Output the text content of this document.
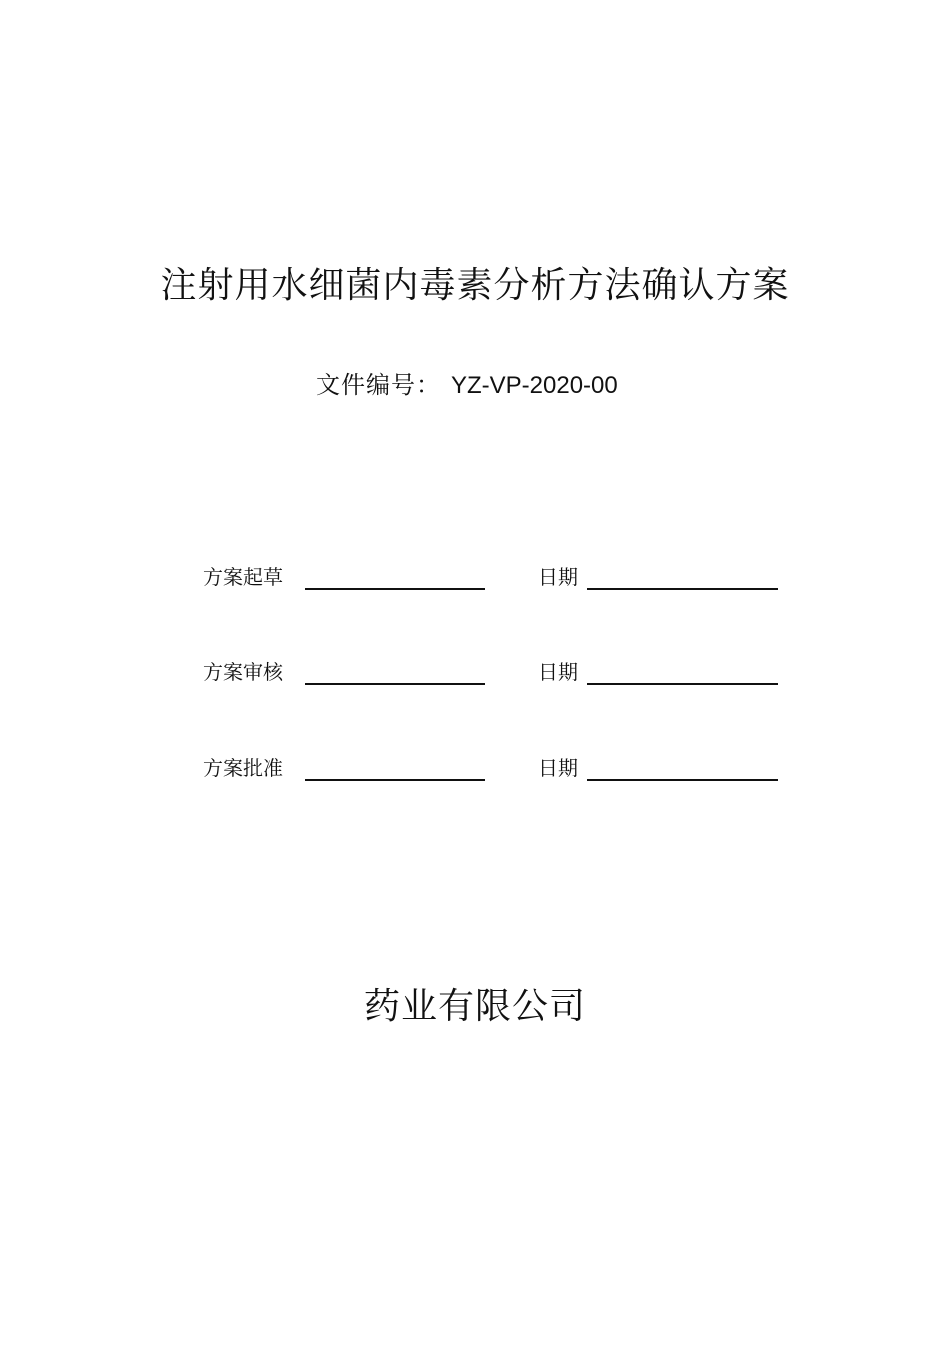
注射用水细菌内毒素分析方法确认方案
文件编号： YZ-VP-2020-00
方案起草	日期
方案审核	日期
方案批准	日期
药业有限公司
